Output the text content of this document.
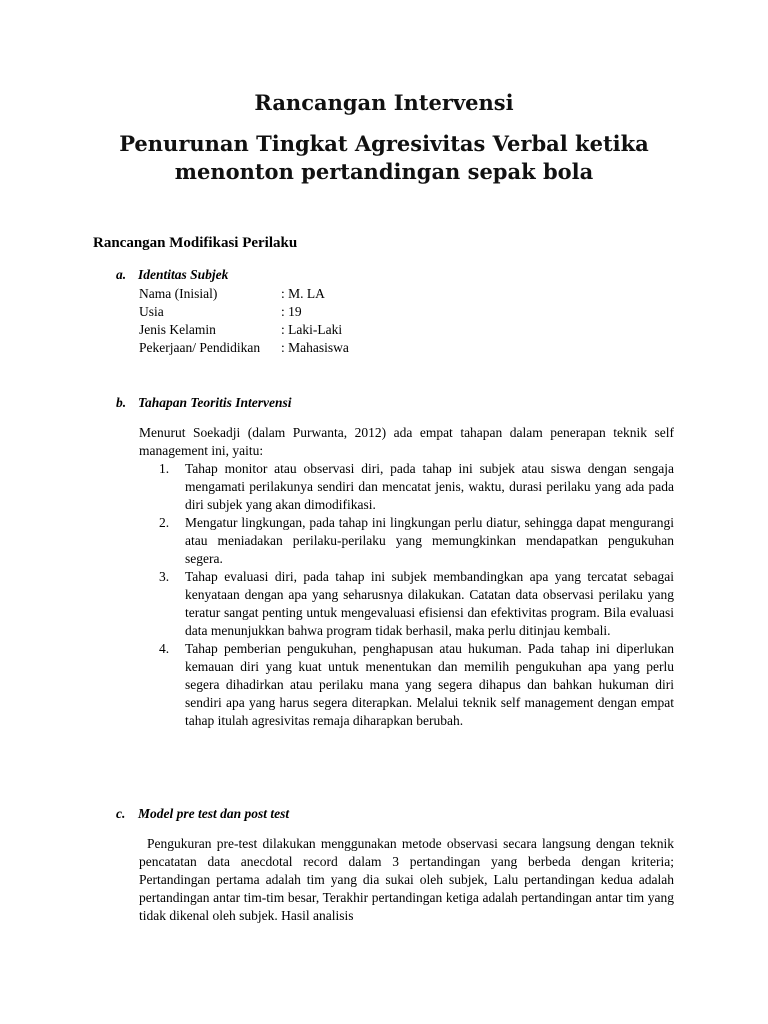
Rancangan Intervensi
Penurunan Tingkat Agresivitas Verbal ketika
menonton pertandingan sepak bola
Rancangan Modifikasi Perilaku
a. Identitas Subjek
Nama (Inisial)	: M. LA
Usia	: 19
Jenis Kelamin	: Laki-Laki
Pekerjaan/ Pendidikan	: Mahasiswa
b. Tahapan Teoritis Intervensi

Menurut Soekadji (dalam Purwanta, 2012) ada empat tahapan dalam penerapan teknik self management ini, yaitu:

1.	Tahap monitor atau observasi diri, pada tahap ini subjek atau siswa dengan sengaja mengamati perilakunya sendiri dan mencatat jenis, waktu, durasi perilaku yang ada pada diri subjek yang akan dimodifikasi.
2.	Mengatur lingkungan, pada tahap ini lingkungan perlu diatur, sehingga dapat mengurangi atau meniadakan perilaku-perilaku yang memungkinkan mendapatkan pengukuhan segera.
3.	Tahap evaluasi diri, pada tahap ini subjek membandingkan apa yang tercatat sebagai kenyataan dengan apa yang seharusnya dilakukan. Catatan data observasi perilaku yang teratur sangat penting untuk mengevaluasi efisiensi dan efektivitas program. Bila evaluasi data menunjukkan bahwa program tidak berhasil, maka perlu ditinjau kembali.
4.	Tahap pemberian pengukuhan, penghapusan atau hukuman. Pada tahap ini diperlukan kemauan diri yang kuat untuk menentukan dan memilih pengukuhan apa yang perlu segera dihadirkan atau perilaku mana yang segera dihapus dan bahkan hukuman diri sendiri apa yang harus segera diterapkan. Melalui teknik self management dengan empat tahap itulah agresivitas remaja diharapkan berubah.
c. Model pre test dan post test

Pengukuran pre-test dilakukan menggunakan metode observasi secara langsung dengan teknik pencatatan data anecdotal record dalam 3 pertandingan yang berbeda dengan kriteria; Pertandingan pertama adalah tim yang dia sukai oleh subjek, Lalu pertandingan kedua adalah pertandingan antar tim-tim besar, Terakhir pertandingan ketiga adalah pertandingan antar tim yang tidak dikenal oleh subjek. Hasil analisis
